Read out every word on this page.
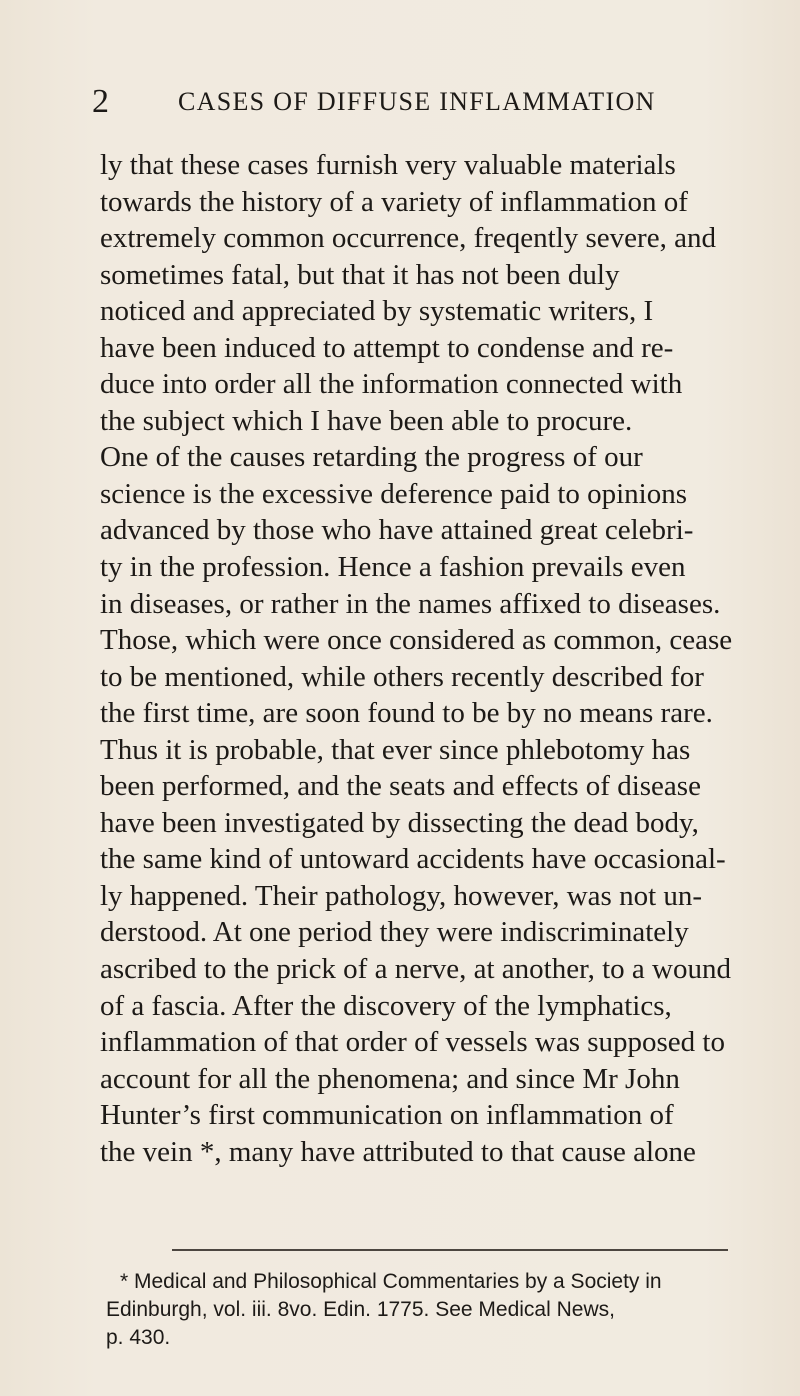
2	CASES OF DIFFUSE INFLAMMATION
ly that these cases furnish very valuable materials
towards the history of a variety of inflammation of
extremely common occurrence, freqently severe, and
sometimes fatal, but that it has not been duly
noticed and appreciated by systematic writers, I
have been induced to attempt to condense and re-
duce into order all the information connected with
the subject which I have been able to procure.
One of the causes retarding the progress of our
science is the excessive deference paid to opinions
advanced by those who have attained great celebri-
ty in the profession. Hence a fashion prevails even
in diseases, or rather in the names affixed to diseases.
Those, which were once considered as common, cease
to be mentioned, while others recently described for
the first time, are soon found to be by no means rare.
Thus it is probable, that ever since phlebotomy has
been performed, and the seats and effects of disease
have been investigated by dissecting the dead body,
the same kind of untoward accidents have occasional-
ly happened. Their pathology, however, was not un-
derstood. At one period they were indiscriminately
ascribed to the prick of a nerve, at another, to a wound
of a fascia. After the discovery of the lymphatics,
inflammation of that order of vessels was supposed to
account for all the phenomena; and since Mr John
Hunter’s first communication on inflammation of
the vein *, many have attributed to that cause alone
* Medical and Philosophical Commentaries by a Society in
Edinburgh, vol. iii. 8vo. Edin. 1775. See Medical News,
p. 430.
